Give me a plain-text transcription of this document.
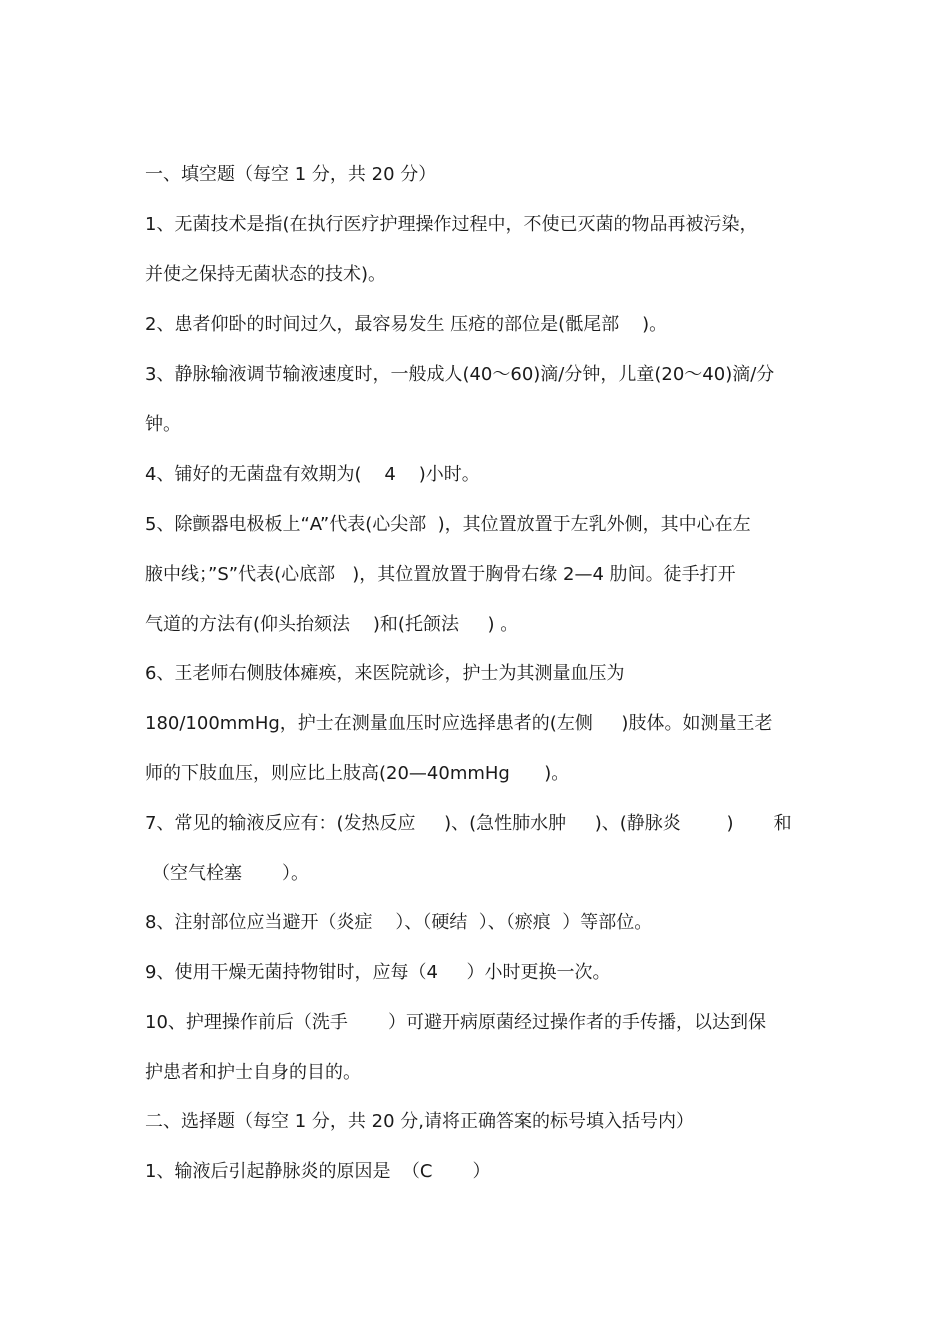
一、填空题（每空 1 分，共 20 分）
1、无菌技术是指(在执行医疗护理操作过程中，不使已灭菌的物品再被污染，
并使之保持无菌状态的技术)。
2、患者仰卧的时间过久，最容易发生 压疮的部位是(骶尾部    )。
3、静脉输液调节输液速度时，一般成人(40～60)滴/分钟，儿童(20～40)滴/分
钟。
4、铺好的无菌盘有效期为(    4    )小时。
5、除颤器电极板上“A”代表(心尖部  )，其位置放置于左乳外侧，其中心在左
腋中线；”S”代表(心底部   )，其位置放置于胸骨右缘 2—4 肋间。徒手打开
气道的方法有(仰头抬颏法    )和(托颌法     ) 。
6、王老师右侧肢体瘫痪，来医院就诊，护士为其测量血压为
180/100mmHg，护士在测量血压时应选择患者的(左侧     )肢体。如测量王老
师的下肢血压，则应比上肢高(20—40mmHg      )。
7、常见的输液反应有：(发热反应     )、(急性肺水肿     )、(静脉炎        )       和
（空气栓塞       ）。
8、注射部位应当避开（炎症    ）、（硬结  ）、（瘀痕  ）等部位。
9、使用干燥无菌持物钳时，应每（4     ）小时更换一次。
10、护理操作前后（洗手       ）可避开病原菌经过操作者的手传播，以达到保
护患者和护士自身的目的。
二、选择题（每空 1 分，共 20 分,请将正确答案的标号填入括号内）
1、输液后引起静脉炎的原因是  （C       ）
